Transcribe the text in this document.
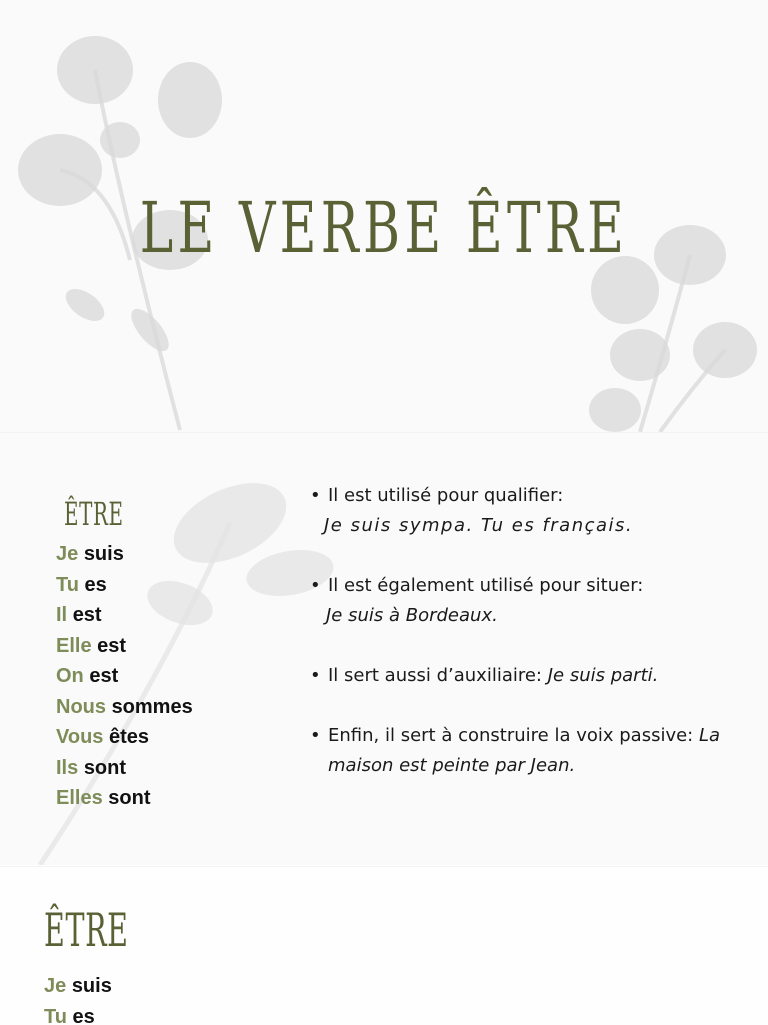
LE VERBE ÊTRE
ÊTRE
Je suis
Tu es
Il est
Elle est
On est
Nous sommes
Vous êtes
Ils sont
Elles sont
• Il est utilisé pour qualifier:
Je suis sympa. Tu es français.
• Il est également utilisé pour situer:
Je suis à Bordeaux.
• Il sert aussi d’auxiliaire: Je suis parti.
• Enfin, il sert à construire la voix passive: La maison est peinte par Jean.
ÊTRE
Je suis
Tu es
